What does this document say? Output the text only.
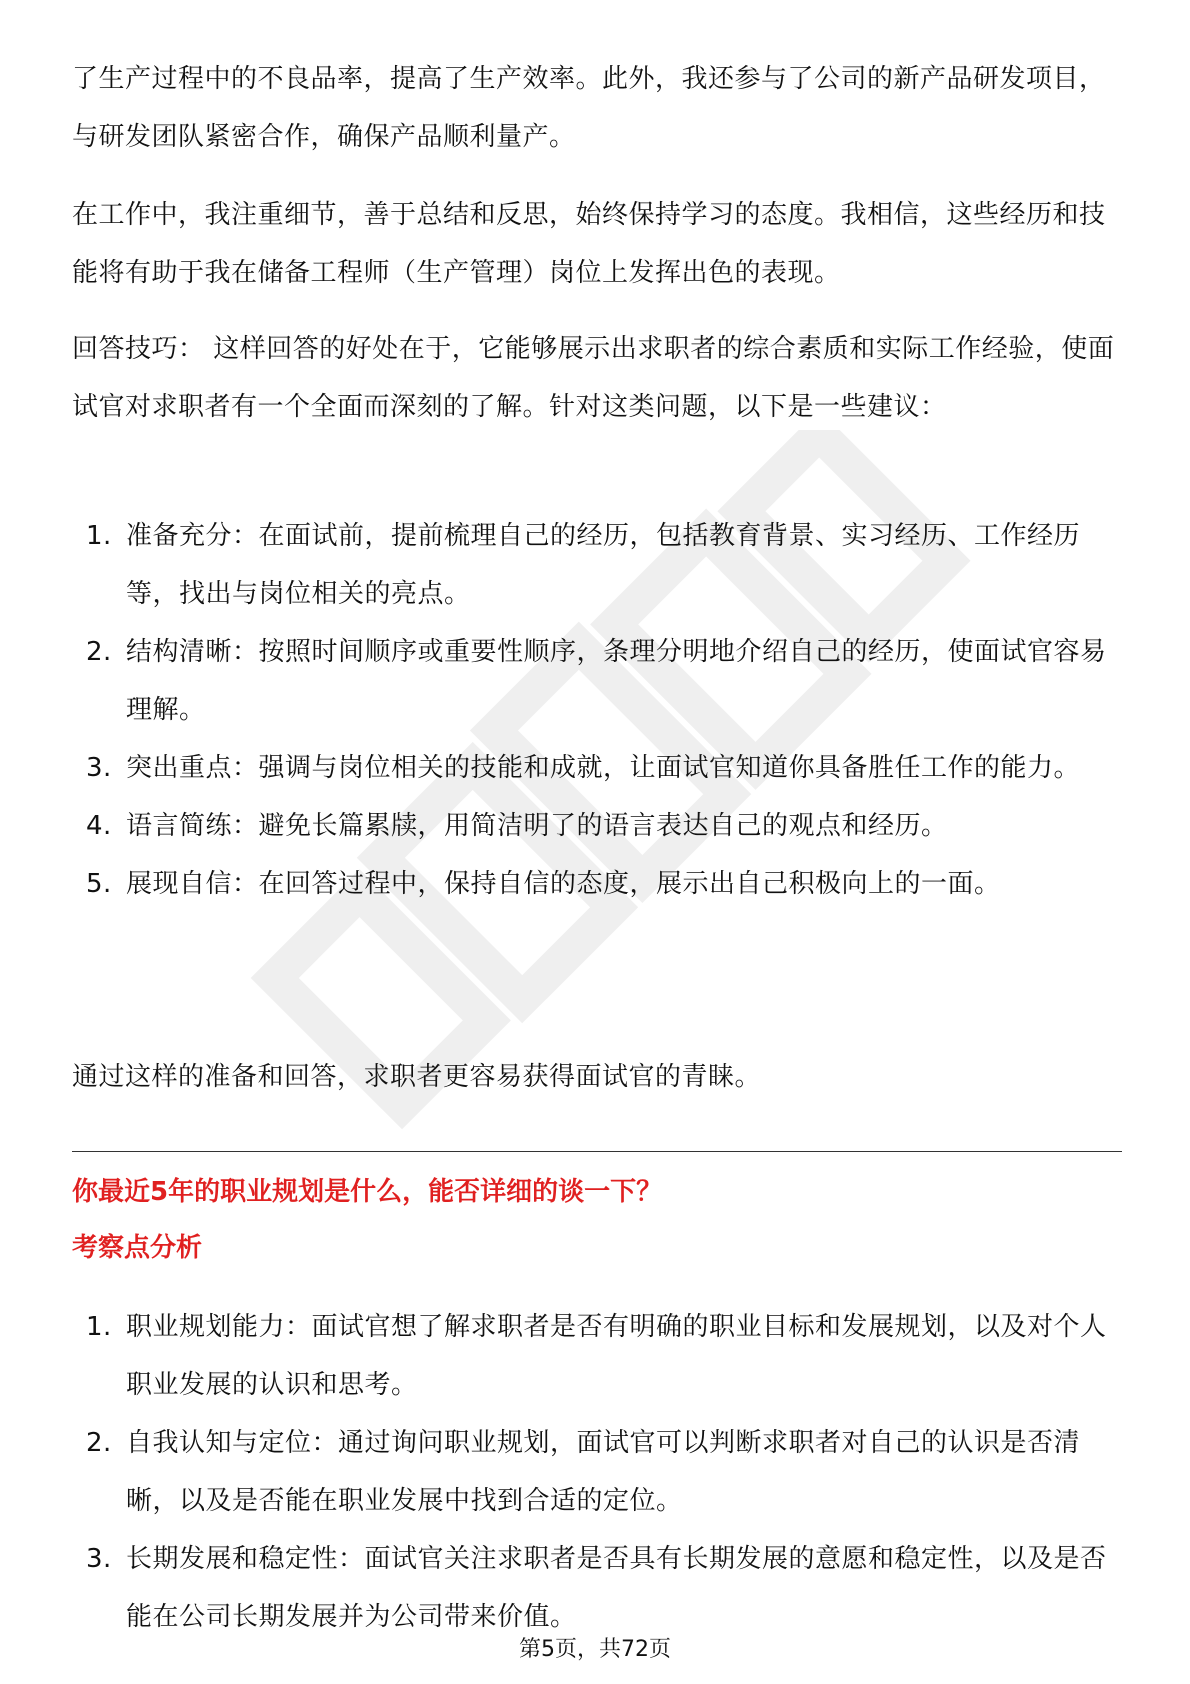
了生产过程中的不良品率，提高了生产效率。此外，我还参与了公司的新产品研发项目，与研发团队紧密合作，确保产品顺利量产。

在工作中，我注重细节，善于总结和反思，始终保持学习的态度。我相信，这些经历和技能将有助于我在储备工程师（生产管理）岗位上发挥出色的表现。

回答技巧： 这样回答的好处在于，它能够展示出求职者的综合素质和实际工作经验，使面试官对求职者有一个全面而深刻的了解。针对这类问题，以下是一些建议：

1. 准备充分：在面试前，提前梳理自己的经历，包括教育背景、实习经历、工作经历等，找出与岗位相关的亮点。
2. 结构清晰：按照时间顺序或重要性顺序，条理分明地介绍自己的经历，使面试官容易理解。
3. 突出重点：强调与岗位相关的技能和成就，让面试官知道你具备胜任工作的能力。
4. 语言简练：避免长篇累牍，用简洁明了的语言表达自己的观点和经历。
5. 展现自信：在回答过程中，保持自信的态度，展示出自己积极向上的一面。

通过这样的准备和回答，求职者更容易获得面试官的青睐。

你最近5年的职业规划是什么，能否详细的谈一下？
考察点分析
1. 职业规划能力：面试官想了解求职者是否有明确的职业目标和发展规划，以及对个人职业发展的认识和思考。
2. 自我认知与定位：通过询问职业规划，面试官可以判断求职者对自己的认识是否清晰，以及是否能在职业发展中找到合适的定位。
3. 长期发展和稳定性：面试官关注求职者是否具有长期发展的意愿和稳定性，以及是否能在公司长期发展并为公司带来价值。
第5页，共72页
